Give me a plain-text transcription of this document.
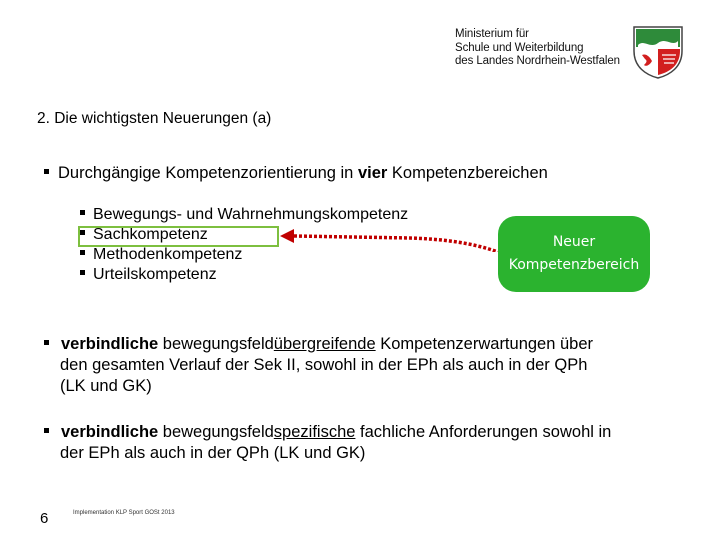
Ministerium für
Schule und Weiterbildung
des Landes Nordrhein-Westfalen
2. Die wichtigsten Neuerungen (a)
Durchgängige Kompetenzorientierung in vier Kompetenzbereichen
Bewegungs- und Wahrnehmungskompetenz
Sachkompetenz
Methodenkompetenz
Urteilskompetenz
Neuer
Kompetenzbereich
verbindliche bewegungsfeldübergreifende Kompetenzerwartungen über
den gesamten Verlauf der Sek II, sowohl in der EPh als auch in der QPh
(LK und GK)
verbindliche bewegungsfeldspezifische fachliche Anforderungen sowohl in
der EPh als auch in der QPh (LK und GK)
6	Implementation KLP Sport GOSt 2013
